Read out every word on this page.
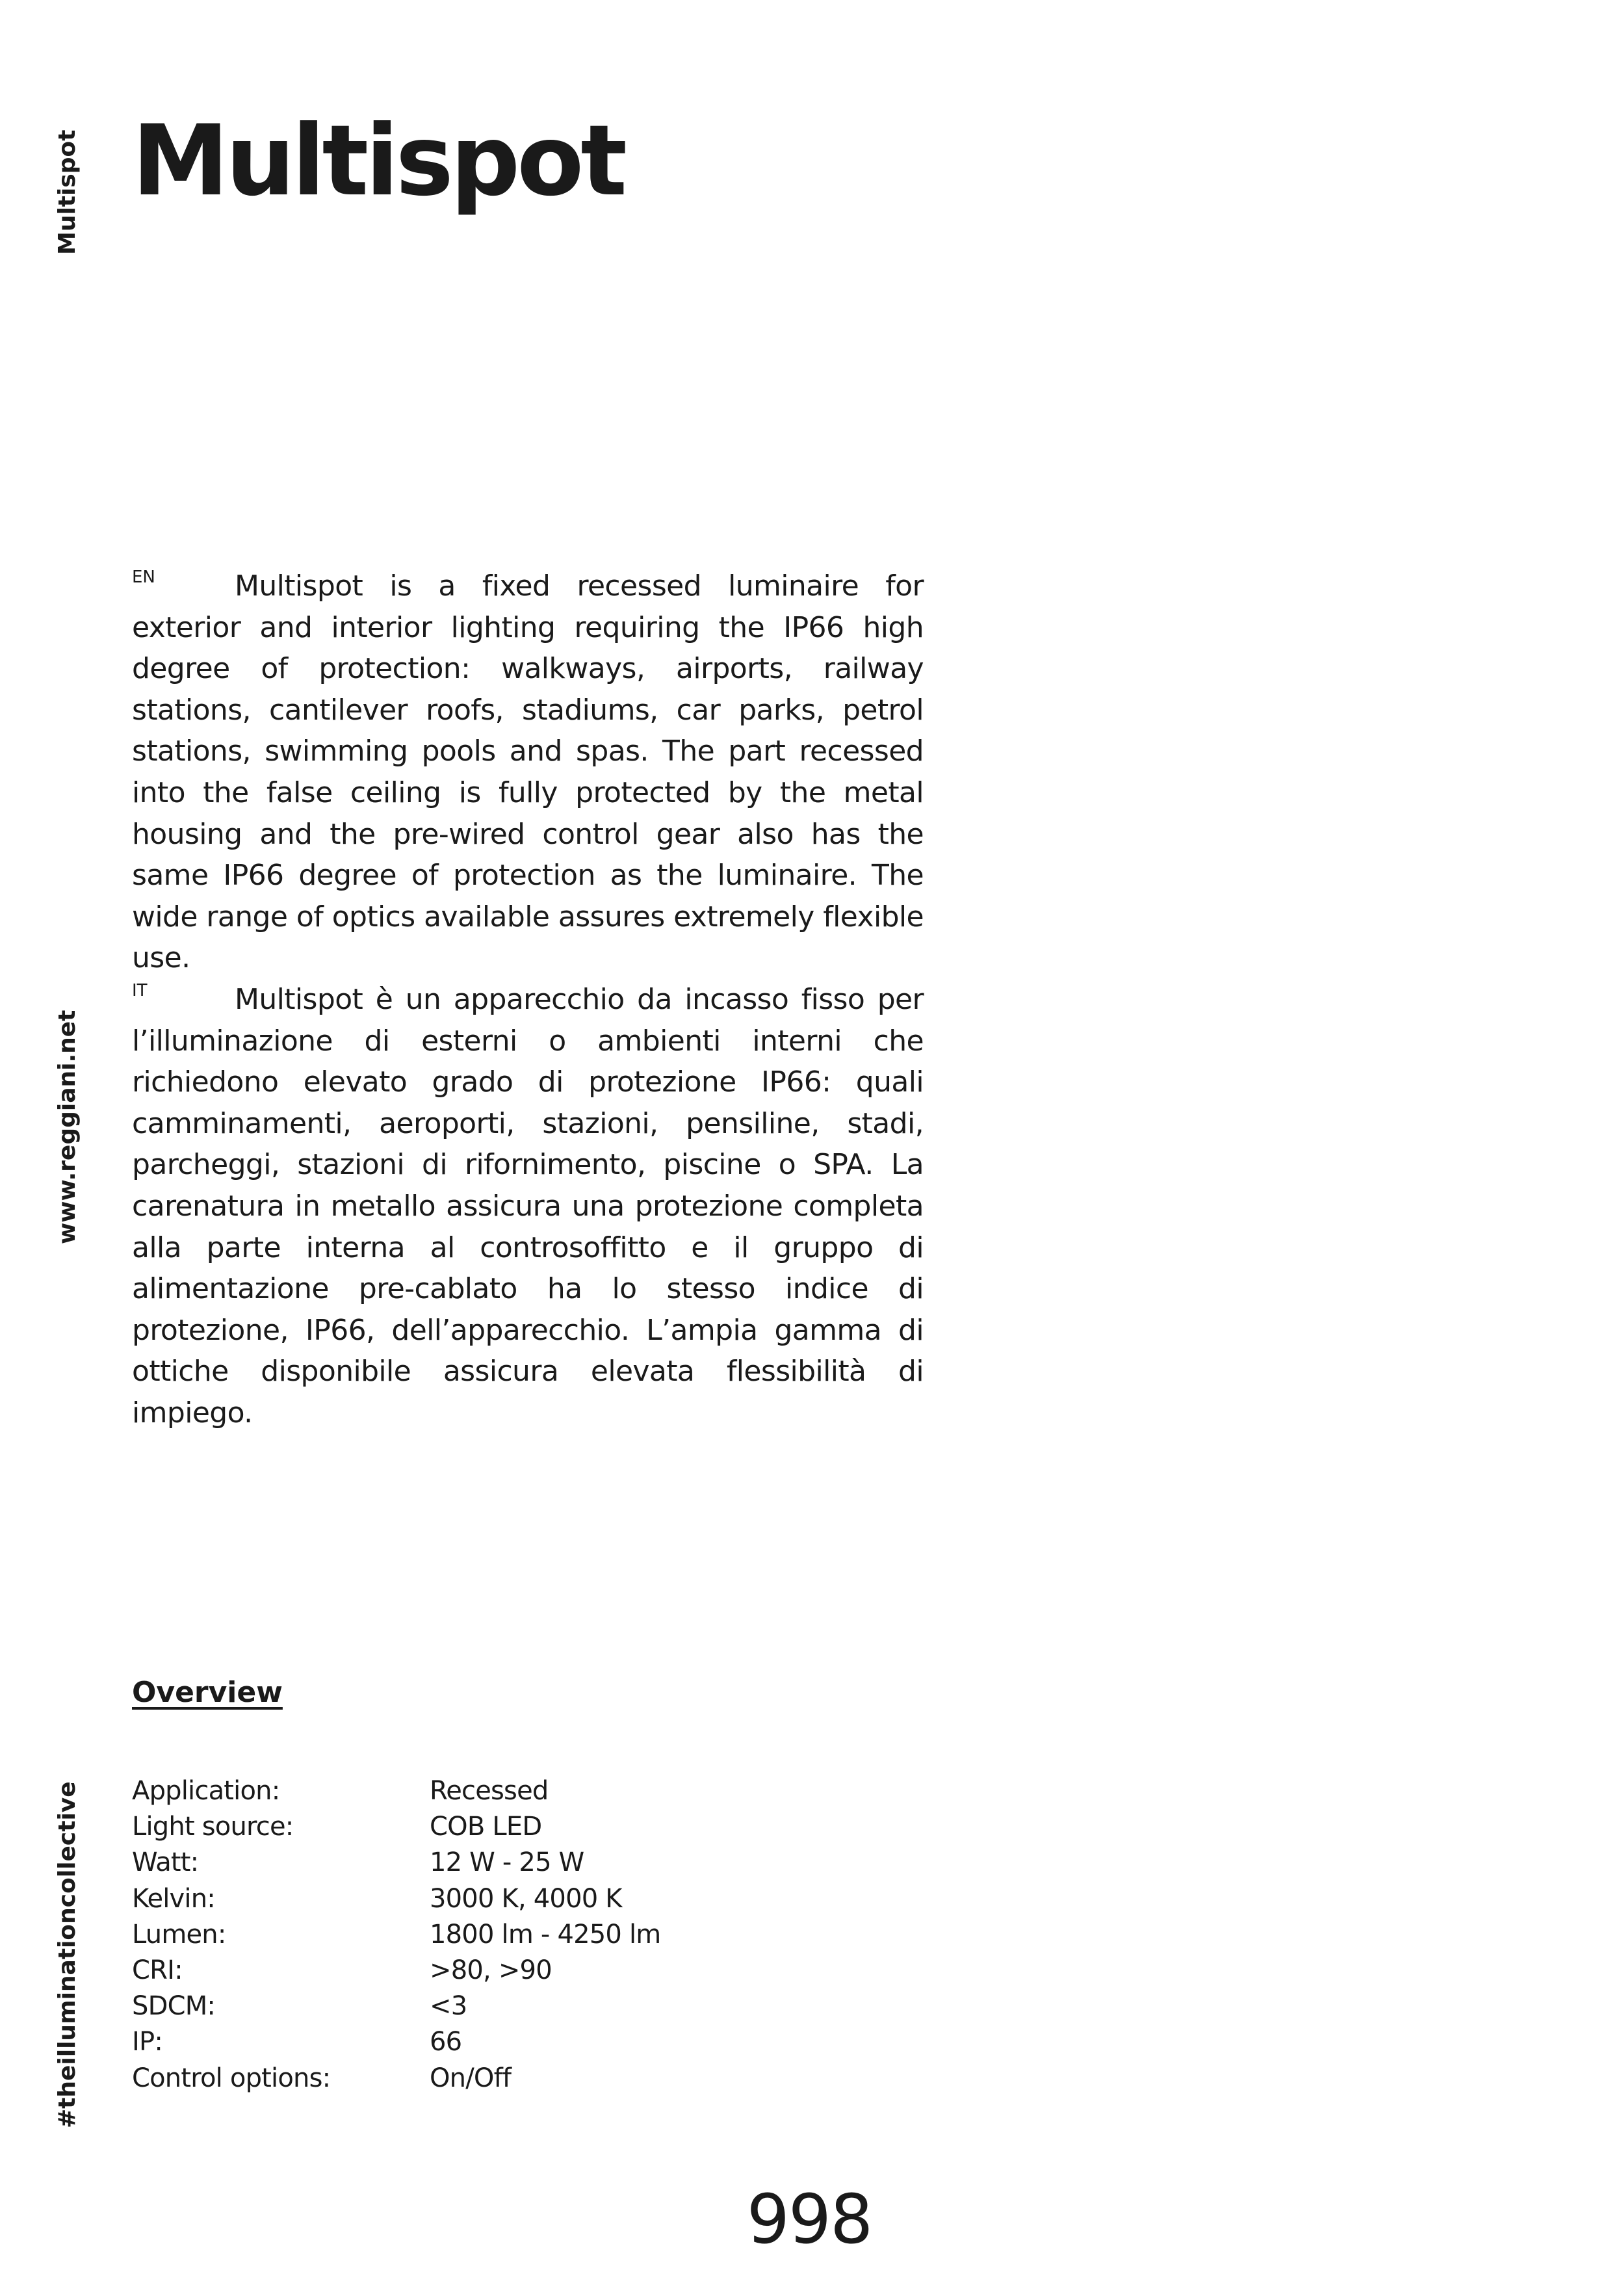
Multispot
www.reggiani.net
#theilluminationcollective
Multispot

EN	Multispot is a fixed recessed luminaire for exterior and interior lighting requiring the IP66 high degree of protection: walkways, airports, railway stations, cantilever roofs, stadiums, car parks, petrol stations, swimming pools and spas. The part recessed into the false ceiling is fully protected by the metal housing and the pre-wired control gear also has the same IP66 degree of protection as the luminaire. The wide range of optics available assures extremely flexible use.

IT	Multispot è un apparecchio da incasso fisso per l’illuminazione di esterni o ambienti interni che richiedono elevato grado di protezione IP66: quali camminamenti, aeroporti, stazioni, pensiline, stadi, parcheggi, stazioni di rifornimento, piscine o SPA. La carenatura in metallo assicura una protezione completa alla parte interna al controsoffitto e il gruppo di alimentazione pre-cablato ha lo stesso indice di protezione, IP66, dell’apparecchio. L’ampia gamma di ottiche disponibile assicura elevata flessibilità di impiego.

Overview
Application:	Recessed
Light source:	COB LED
Watt:	12 W - 25 W
Kelvin:	3000 K, 4000 K
Lumen:	1800 lm - 4250 lm
CRI:	>80, >90
SDCM:	<3
IP:	66
Control options:	On/Off
998
